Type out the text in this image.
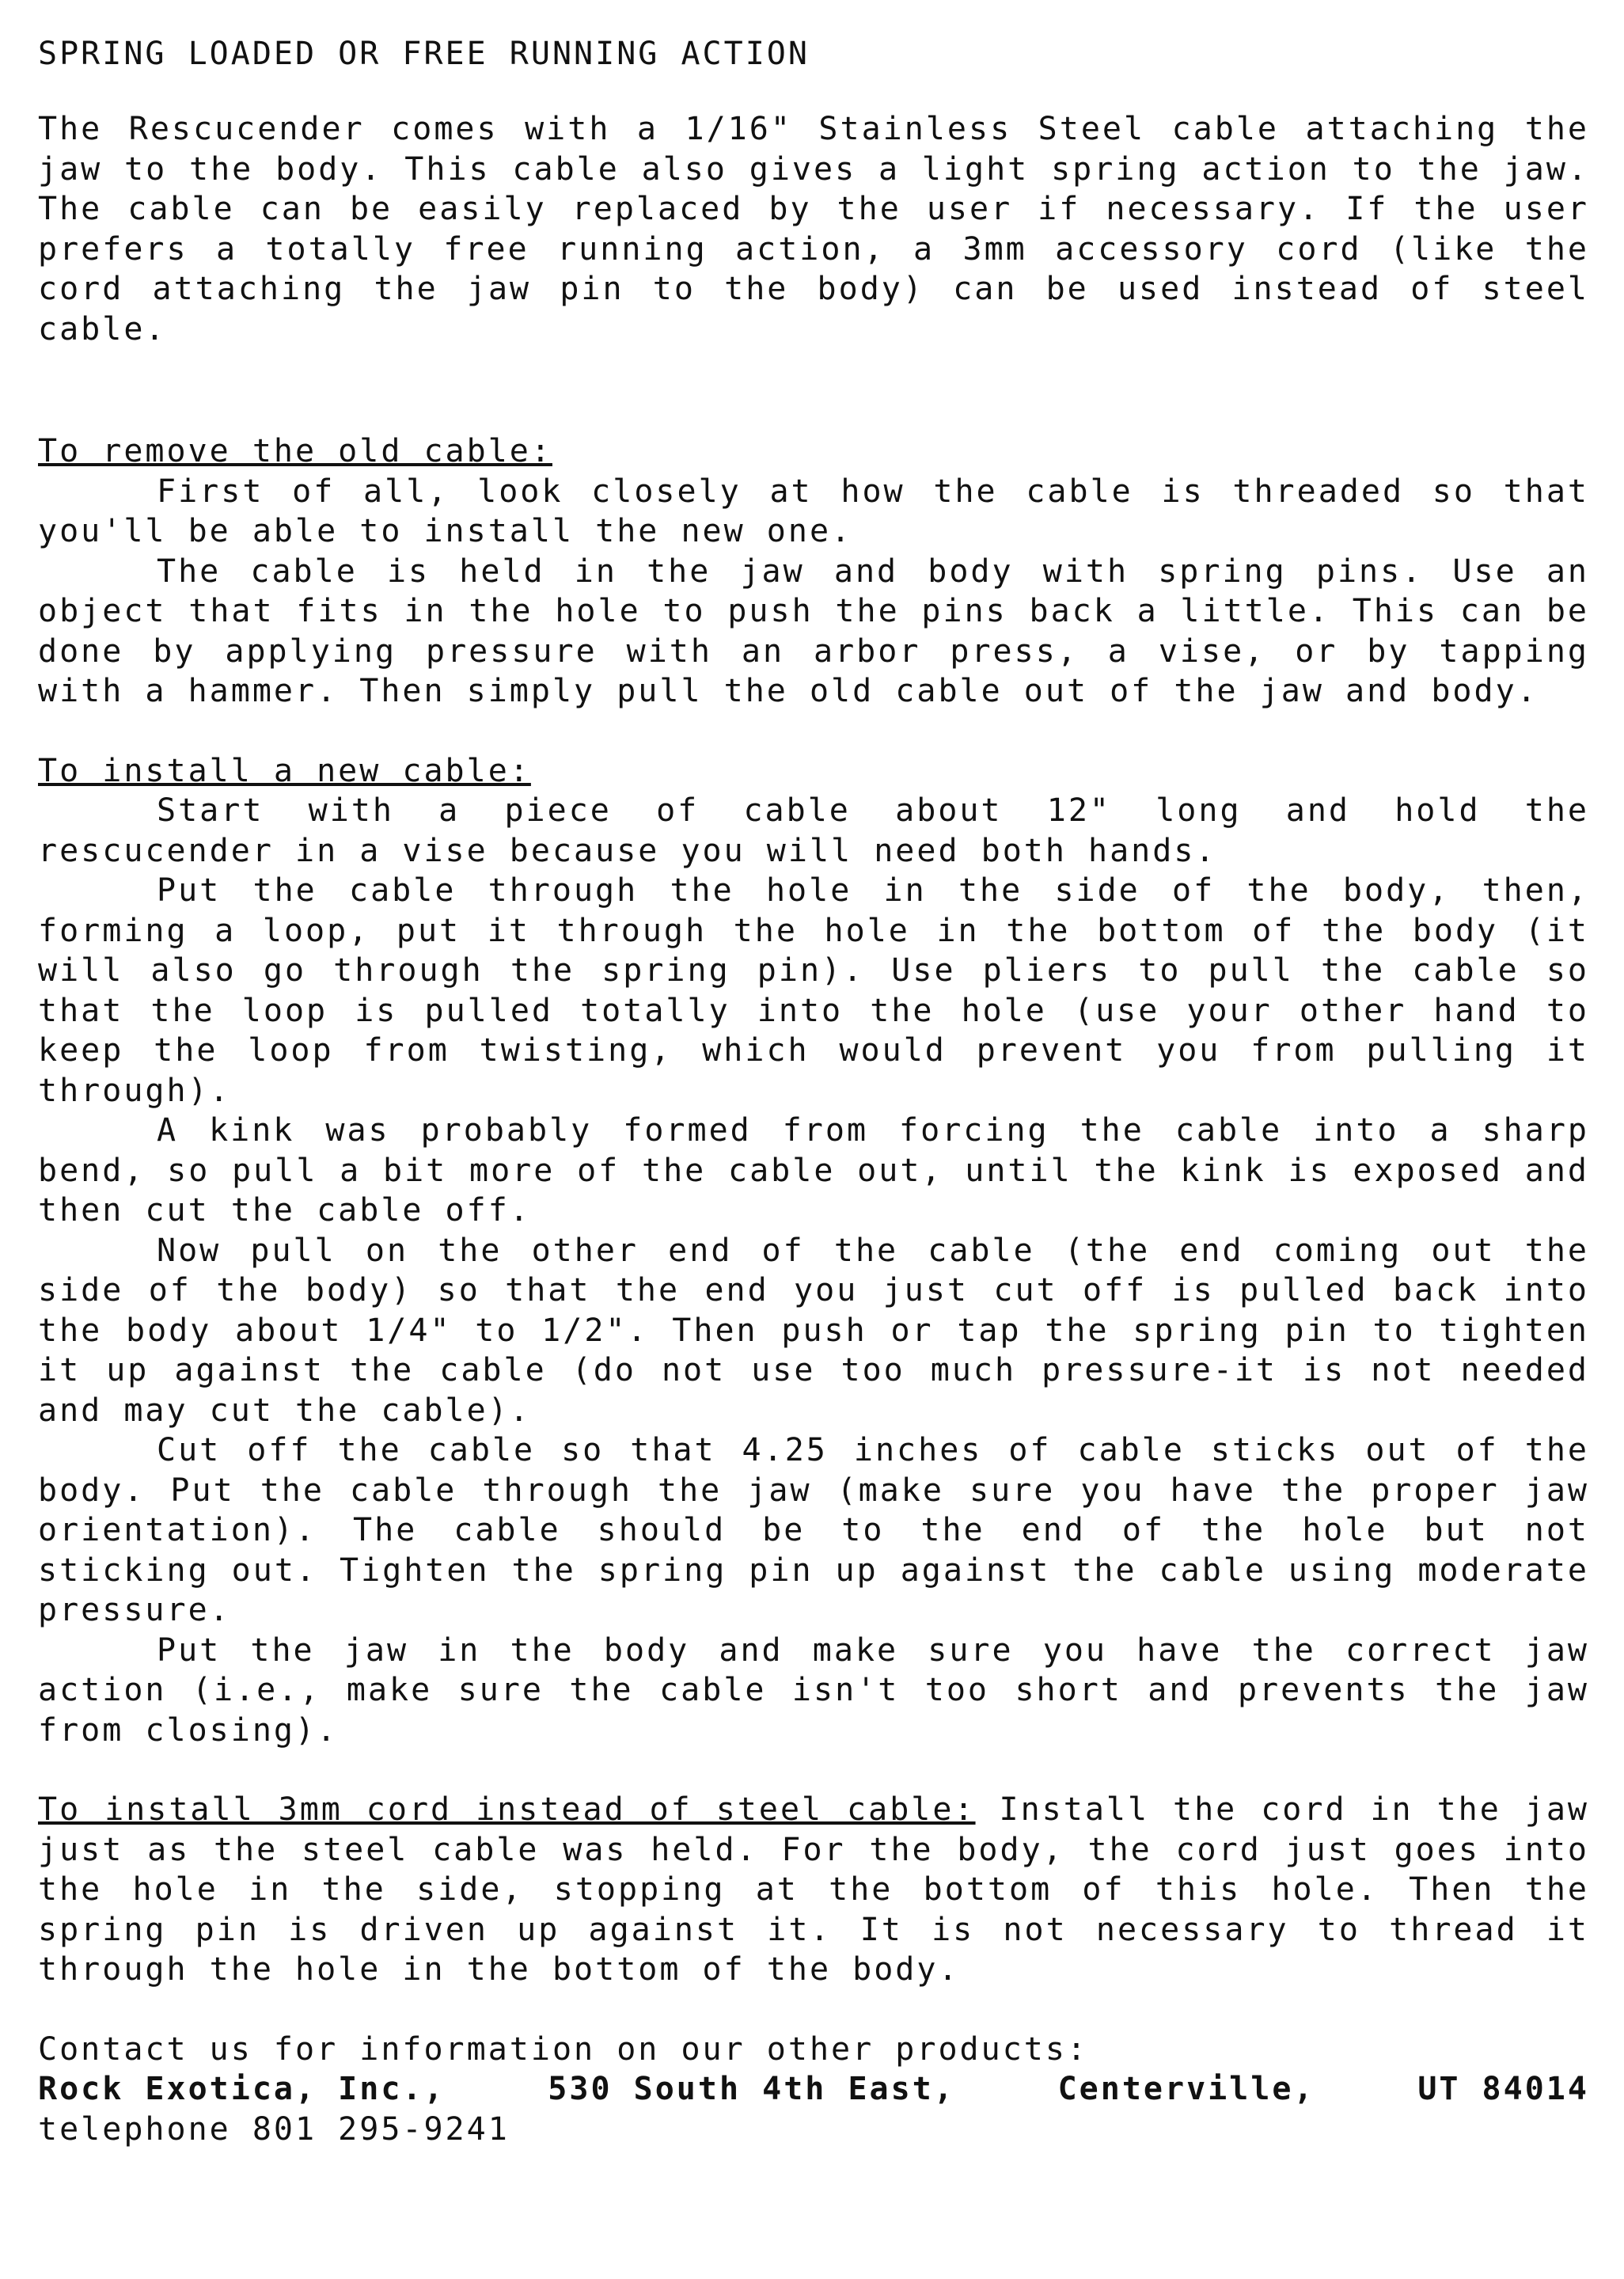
SPRING LOADED OR FREE RUNNING ACTION

The Rescucender comes with a 1/16" Stainless Steel cable attaching the jaw to the body. This cable also gives a light spring action to the jaw. The cable can be easily replaced by the user if necessary. If the user prefers a totally free running action, a 3mm accessory cord (like the cord attaching the jaw pin to the body) can be used instead of steel cable.

To remove the old cable:

First of all, look closely at how the cable is threaded so that you'll be able to install the new one.

The cable is held in the jaw and body with spring pins. Use an object that fits in the hole to push the pins back a little. This can be done by applying pressure with an arbor press, a vise, or by tapping with a hammer. Then simply pull the old cable out of the jaw and body.

To install a new cable:

Start with a piece of cable about 12" long and hold the rescucender in a vise because you will need both hands.

Put the cable through the hole in the side of the body, then, forming a loop, put it through the hole in the bottom of the body (it will also go through the spring pin). Use pliers to pull the cable so that the loop is pulled totally into the hole (use your other hand to keep the loop from twisting, which would prevent you from pulling it through).

A kink was probably formed from forcing the cable into a sharp bend, so pull a bit more of the cable out, until the kink is exposed and then cut the cable off.

Now pull on the other end of the cable (the end coming out the side of the body) so that the end you just cut off is pulled back into the body about 1/4" to 1/2". Then push or tap the spring pin to tighten it up against the cable (do not use too much pressure-it is not needed and may cut the cable).

Cut off the cable so that 4.25 inches of cable sticks out of the body. Put the cable through the jaw (make sure you have the proper jaw orientation). The cable should be to the end of the hole but not sticking out. Tighten the spring pin up against the cable using moderate pressure.

Put the jaw in the body and make sure you have the correct jaw action (i.e., make sure the cable isn't too short and prevents the jaw from closing).

To install 3mm cord instead of steel cable: Install the cord in the jaw just as the steel cable was held. For the body, the cord just goes into the hole in the side, stopping at the bottom of this hole. Then the spring pin is driven up against it. It is not necessary to thread it through the hole in the bottom of the body.

Contact us for information on our other products:

Rock Exotica, Inc.,	530 South 4th East,	Centerville,	UT 84014
telephone 801 295-9241
